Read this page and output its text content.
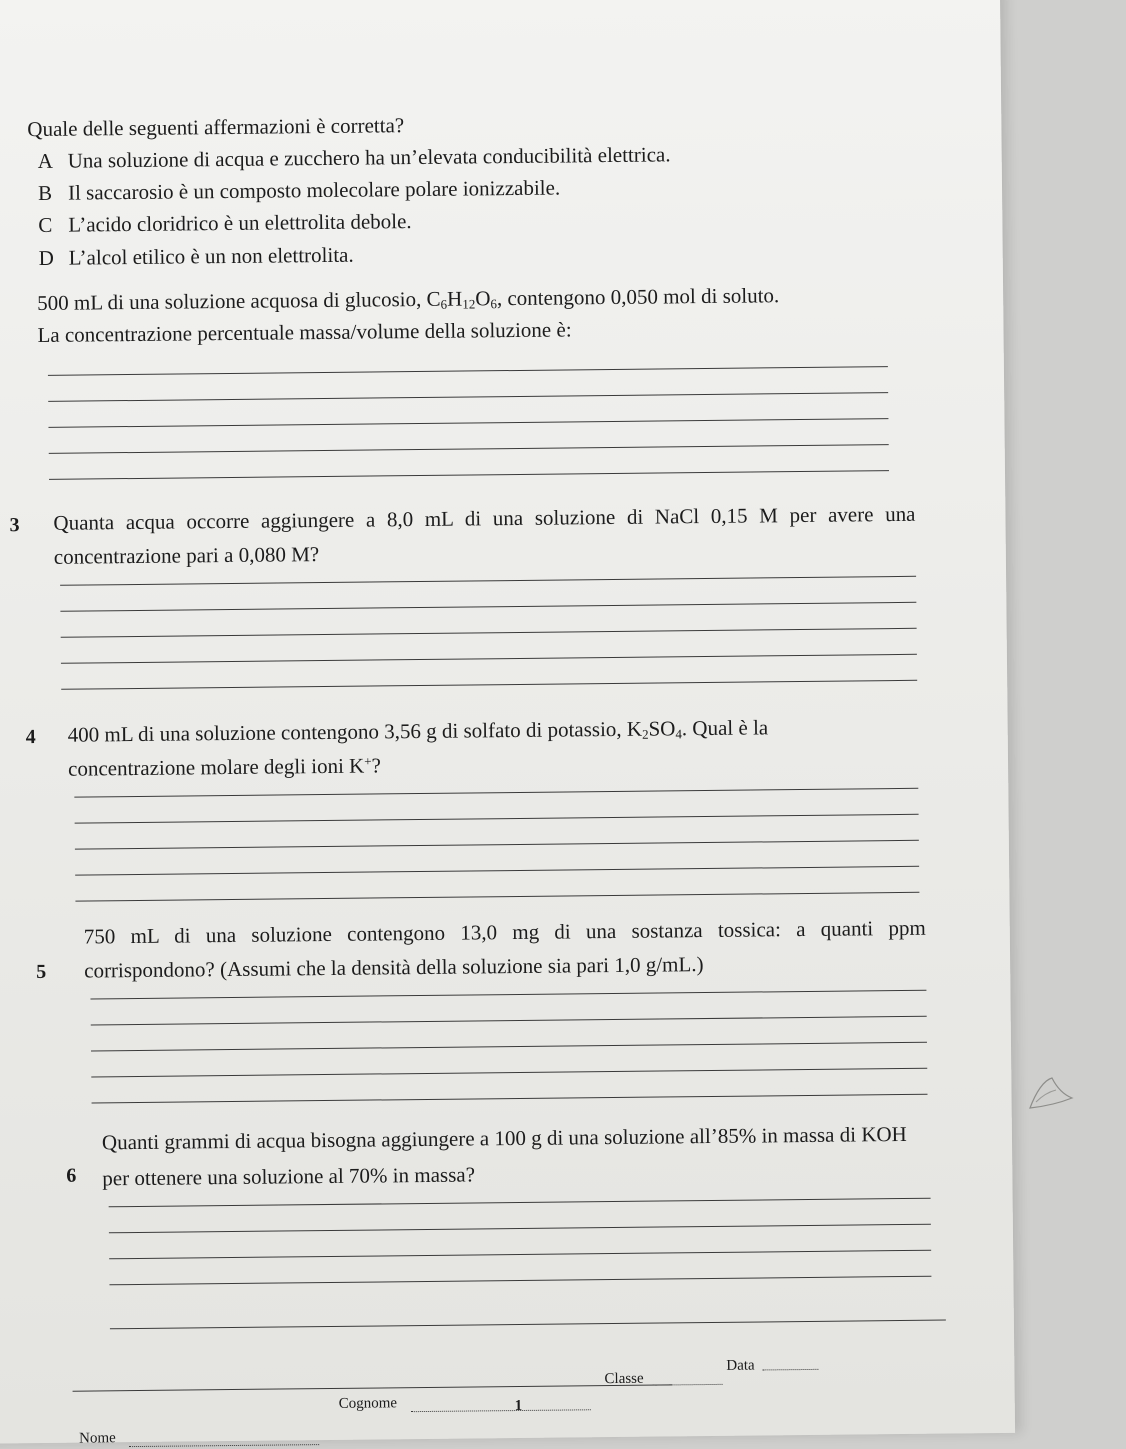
Quale delle seguenti affermazioni è corretta?
A Una soluzione di acqua e zucchero ha un’elevata conducibilità elettrica.
B Il saccarosio è un composto molecolare polare ionizzabile.
C L’acido cloridrico è un elettrolita debole.
D L’alcol etilico è un non elettrolita.
500 mL di una soluzione acquosa di glucosio, $C_6H_{12}O_6$, contengono 0,050 mol di soluto.
La concentrazione percentuale massa/volume della soluzione è:
3 Quanta acqua occorre aggiungere a 8,0 mL di una soluzione di NaCl 0,15 M per avere una
concentrazione pari a 0,080 M?
4 400 mL di una soluzione contengono 3,56 g di solfato di potassio, $K_2SO_4$. Qual è la
concentrazione molare degli ioni K+?
5
750 mL di una soluzione contengono 13,0 mg di una sostanza tossica: a quanti ppm
corrispondono? (Assumi che la densità della soluzione sia pari 1,0 g/mL.)
6
Quanti grammi di acqua bisogna aggiungere a 100 g di una soluzione all’85% in massa di KOH
per ottenere una soluzione al 70% in massa?
Nome
Cognome
Classe
Data
1
